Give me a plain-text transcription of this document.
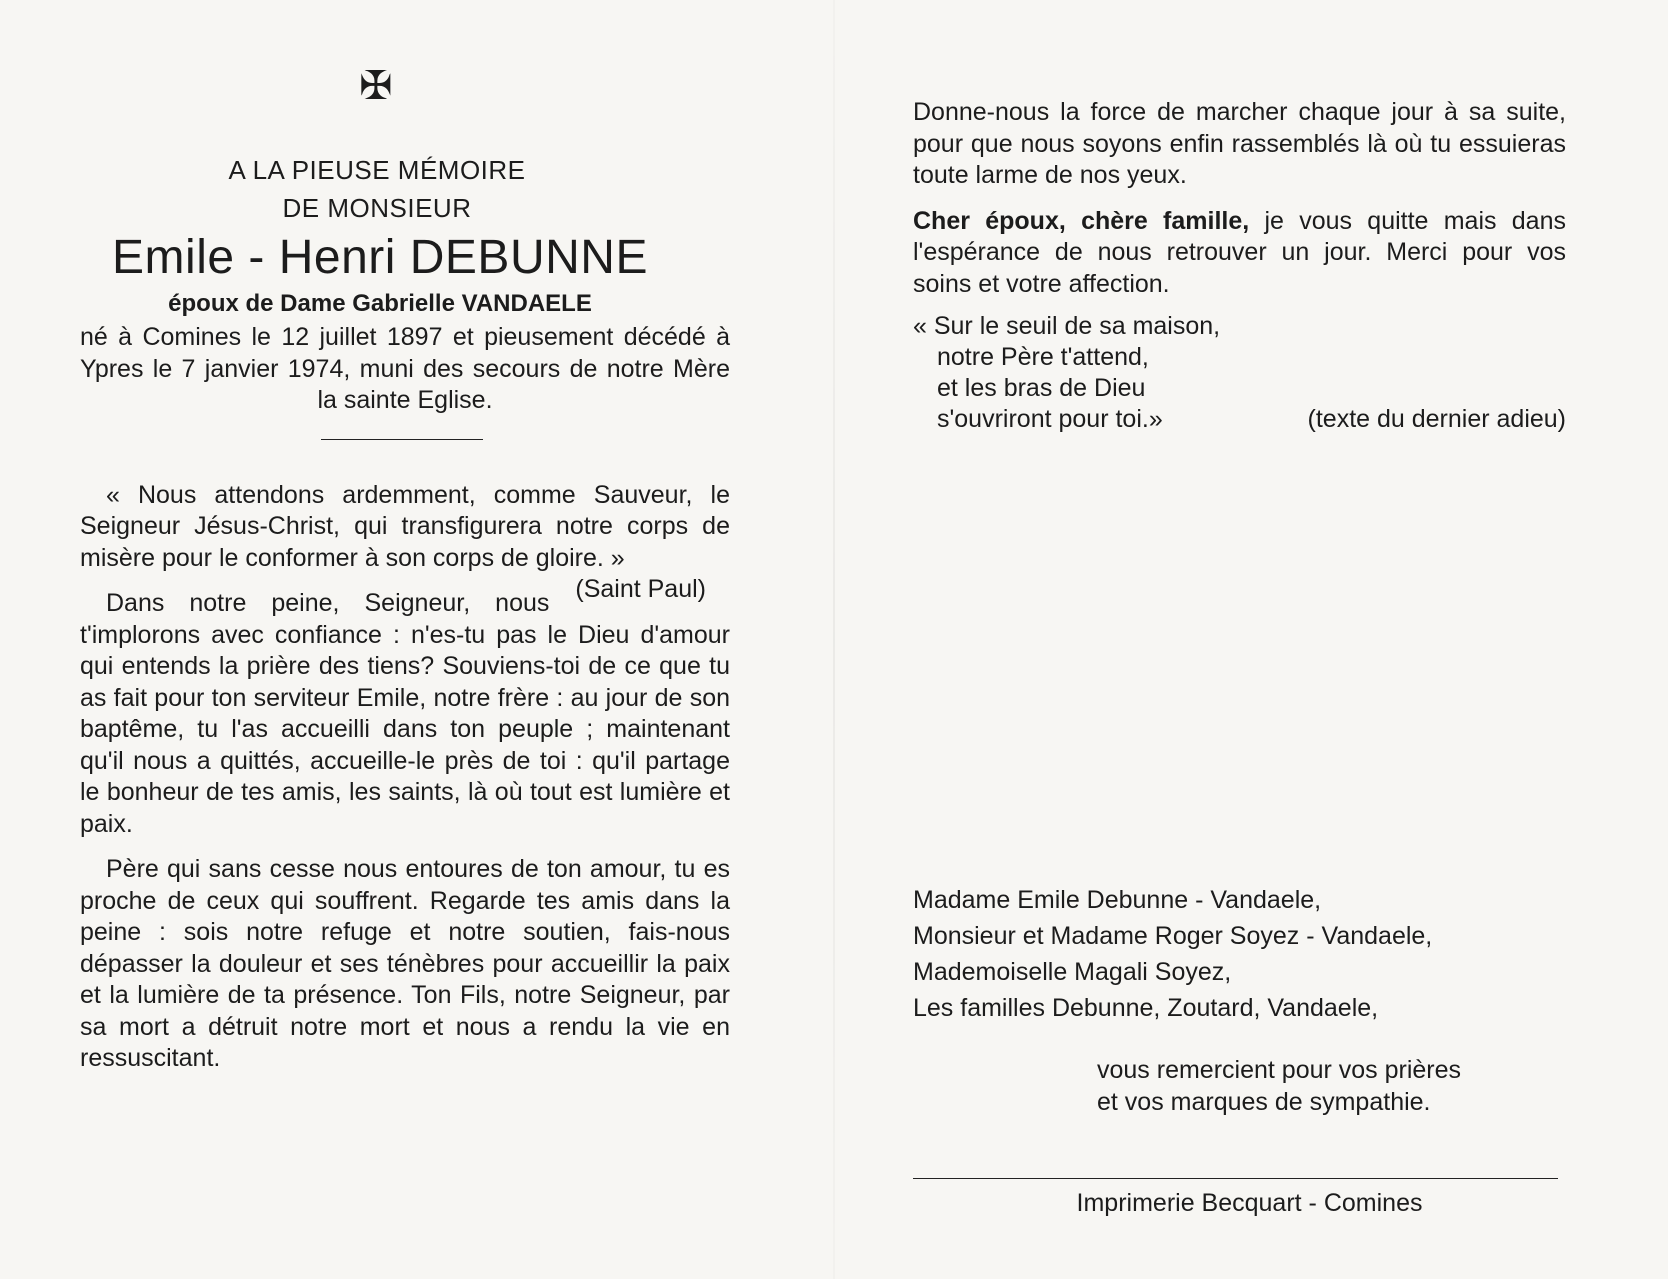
✠
A LA PIEUSE MÉMOIRE
DE MONSIEUR
Emile - Henri DEBUNNE
époux de Dame Gabrielle VANDAELE

né à Comines le 12 juillet 1897 et pieusement décédé à Ypres le 7 janvier 1974, muni des secours de notre Mère la sainte Eglise.

« Nous attendons ardemment, comme Sauveur, le Seigneur Jésus-Christ, qui transfigurera notre corps de misère pour le conformer à son corps de gloire. »
(Saint Paul)

Dans notre peine, Seigneur, nous t'implorons avec confiance : n'es-tu pas le Dieu d'amour qui entends la prière des tiens? Souviens-toi de ce que tu as fait pour ton serviteur Emile, notre frère : au jour de son baptême, tu l'as accueilli dans ton peuple ; maintenant qu'il nous a quittés, accueille-le près de toi : qu'il partage le bonheur de tes amis, les saints, là où tout est lumière et paix.

Père qui sans cesse nous entoures de ton amour, tu es proche de ceux qui souffrent. Regarde tes amis dans la peine : sois notre refuge et notre soutien, fais-nous dépasser la douleur et ses ténèbres pour accueillir la paix et la lumière de ta présence. Ton Fils, notre Seigneur, par sa mort a détruit notre mort et nous a rendu la vie en ressuscitant.

Donne-nous la force de marcher chaque jour à sa suite, pour que nous soyons enfin rassemblés là où tu essuieras toute larme de nos yeux.

Cher époux, chère famille, je vous quitte mais dans l'espérance de nous retrouver un jour. Merci pour vos soins et votre affection.

« Sur le seuil de sa maison,
notre Père t'attend,
et les bras de Dieu
s'ouvriront pour toi.»	(texte du dernier adieu)
Madame Emile Debunne - Vandaele,
Monsieur et Madame Roger Soyez - Vandaele,
Mademoiselle Magali Soyez,
Les familles Debunne, Zoutard, Vandaele,
vous remercient pour vos prières
et vos marques de sympathie.
Imprimerie Becquart - Comines
